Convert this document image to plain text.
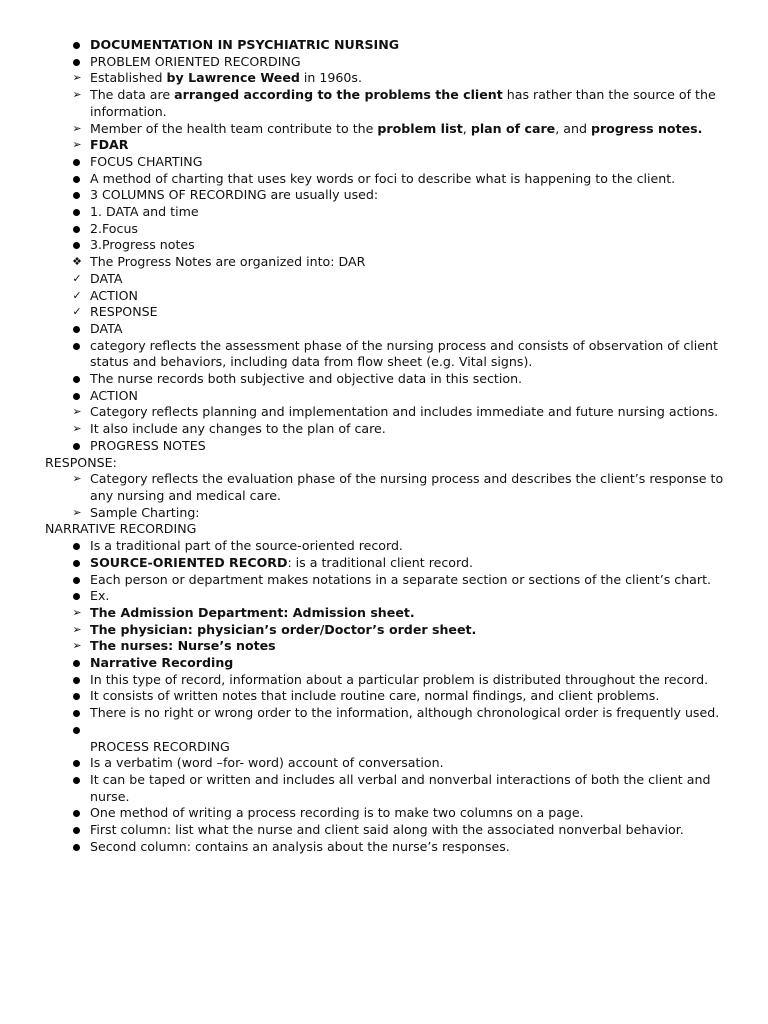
DOCUMENTATION IN PSYCHIATRIC NURSING
PROBLEM ORIENTED RECORDING
➢ Established by Lawrence Weed in 1960s.
➢ The data are arranged according to the problems the client has rather than the source of the information.
➢ Member of the health team contribute to the problem list, plan of care, and progress notes.
➢ FDAR
FOCUS CHARTING
A method of charting that uses key words or foci to describe what is happening to the client.
3 COLUMNS OF RECORDING are usually used:
1. DATA and time
2.Focus
3.Progress notes
❖ The Progress Notes are organized into: DAR
✓ DATA
✓ ACTION
✓ RESPONSE
DATA
category reflects the assessment phase of the nursing process and consists of observation of client status and behaviors, including data from flow sheet (e.g. Vital signs).
The nurse records both subjective and objective data in this section.
ACTION
➢ Category reflects planning and implementation and includes immediate and future nursing actions.
➢ It also include any changes to the plan of care.
PROGRESS NOTES
RESPONSE:
➢ Category reflects the evaluation phase of the nursing process and describes the client’s response to any nursing and medical care.
➢ Sample Charting:
NARRATIVE RECORDING
Is a traditional part of the source-oriented record.
SOURCE-ORIENTED RECORD: is a traditional client record.
Each person or department makes notations in a separate section or sections of the client’s chart.
Ex.
➢ The Admission Department: Admission sheet.
➢ The physician: physician’s order/Doctor’s order sheet.
➢ The nurses: Nurse’s notes
Narrative Recording
In this type of record, information about a particular problem is distributed throughout the record.
It consists of written notes that include routine care, normal findings, and client problems.
There is no right or wrong order to the information, although chronological order is frequently used.
PROCESS RECORDING
Is a verbatim (word –for- word) account of conversation.
It can be taped or written and includes all verbal and nonverbal interactions of both the client and nurse.
One method of writing a process recording is to make two columns on a page.
First column: list what the nurse and client said along with the associated nonverbal behavior.
Second column: contains an analysis about the nurse’s responses.
